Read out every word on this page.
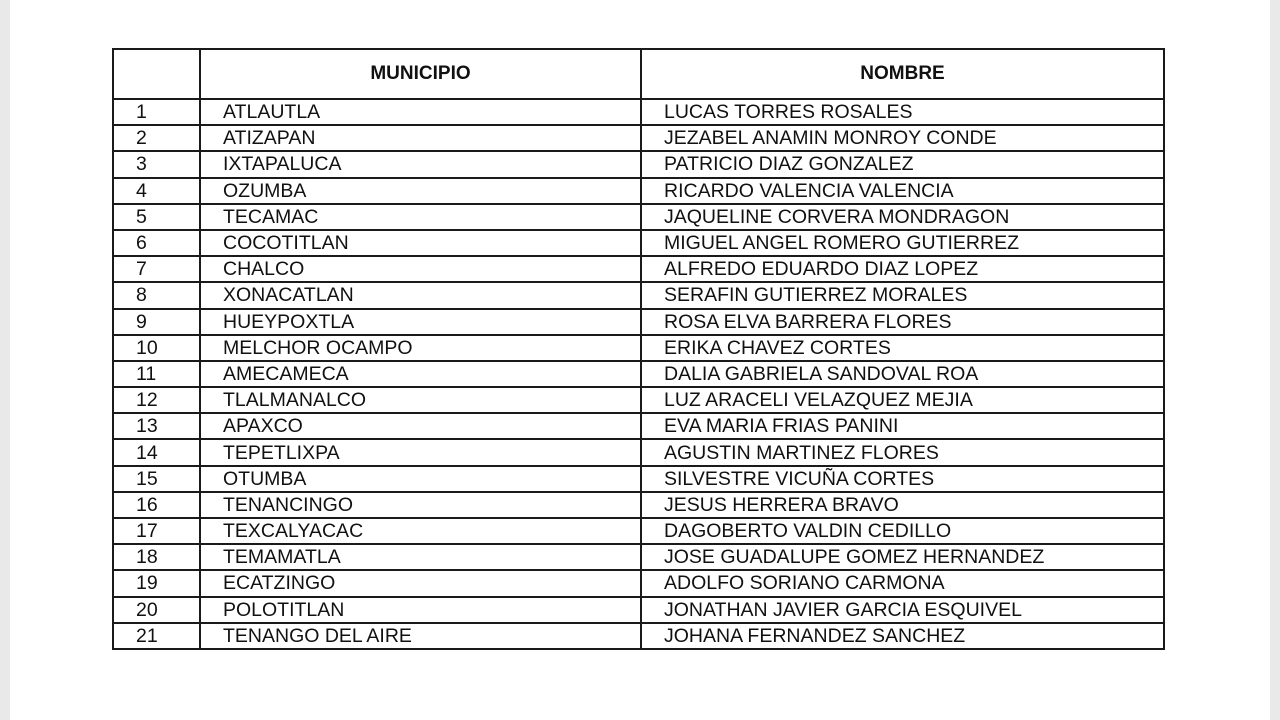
	MUNICIPIO	NOMBRE
1	ATLAUTLA	LUCAS TORRES ROSALES
2	ATIZAPAN	JEZABEL ANAMIN MONROY CONDE
3	IXTAPALUCA	PATRICIO DIAZ GONZALEZ
4	OZUMBA	RICARDO VALENCIA VALENCIA
5	TECAMAC	JAQUELINE CORVERA MONDRAGON
6	COCOTITLAN	MIGUEL ANGEL ROMERO GUTIERREZ
7	CHALCO	ALFREDO EDUARDO DIAZ LOPEZ
8	XONACATLAN	SERAFIN GUTIERREZ MORALES
9	HUEYPOXTLA	ROSA ELVA BARRERA FLORES
10	MELCHOR OCAMPO	ERIKA CHAVEZ CORTES
11	AMECAMECA	DALIA GABRIELA SANDOVAL ROA
12	TLALMANALCO	LUZ ARACELI VELAZQUEZ MEJIA
13	APAXCO	EVA MARIA FRIAS PANINI
14	TEPETLIXPA	AGUSTIN MARTINEZ FLORES
15	OTUMBA	SILVESTRE VICUÑA CORTES
16	TENANCINGO	JESUS HERRERA BRAVO
17	TEXCALYACAC	DAGOBERTO VALDIN CEDILLO
18	TEMAMATLA	JOSE GUADALUPE GOMEZ HERNANDEZ
19	ECATZINGO	ADOLFO SORIANO CARMONA
20	POLOTITLAN	JONATHAN JAVIER GARCIA ESQUIVEL
21	TENANGO DEL AIRE	JOHANA FERNANDEZ SANCHEZ
